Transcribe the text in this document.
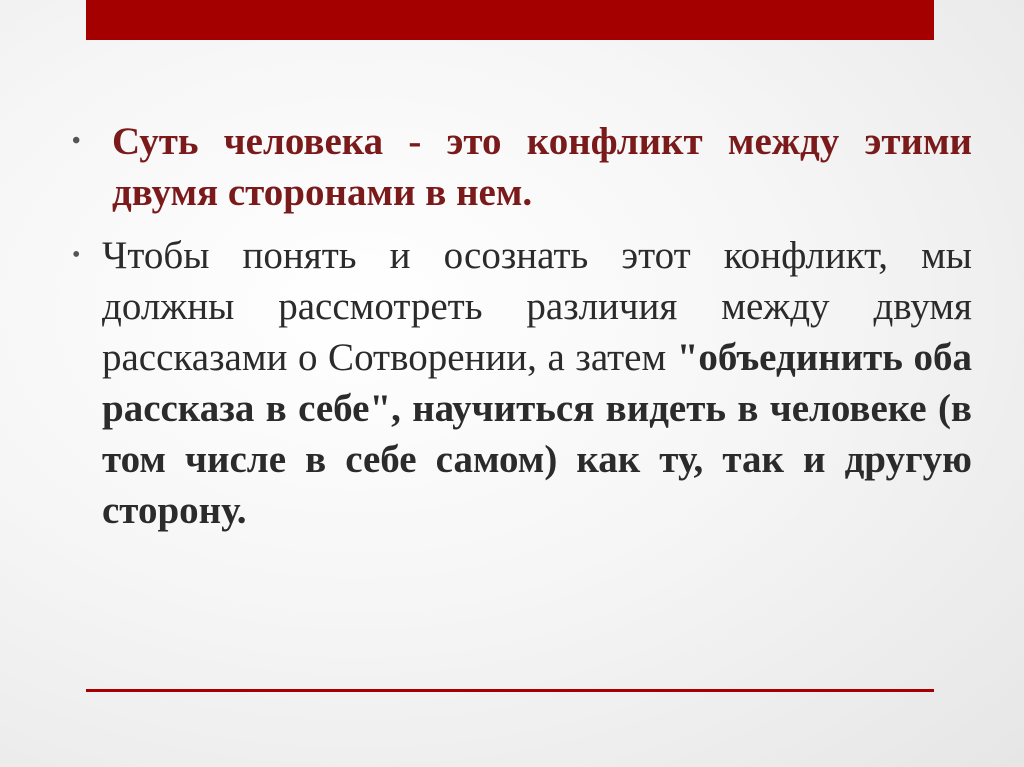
• Суть человека - это конфликт между этими двумя сторонами в нем.
• Чтобы понять и осознать этот конфликт, мы должны рассмотреть различия между двумя рассказами о Сотворении, а затем "объединить оба рассказа в себе", научиться видеть в человеке (в том числе в себе самом) как ту, так и другую сторону.
